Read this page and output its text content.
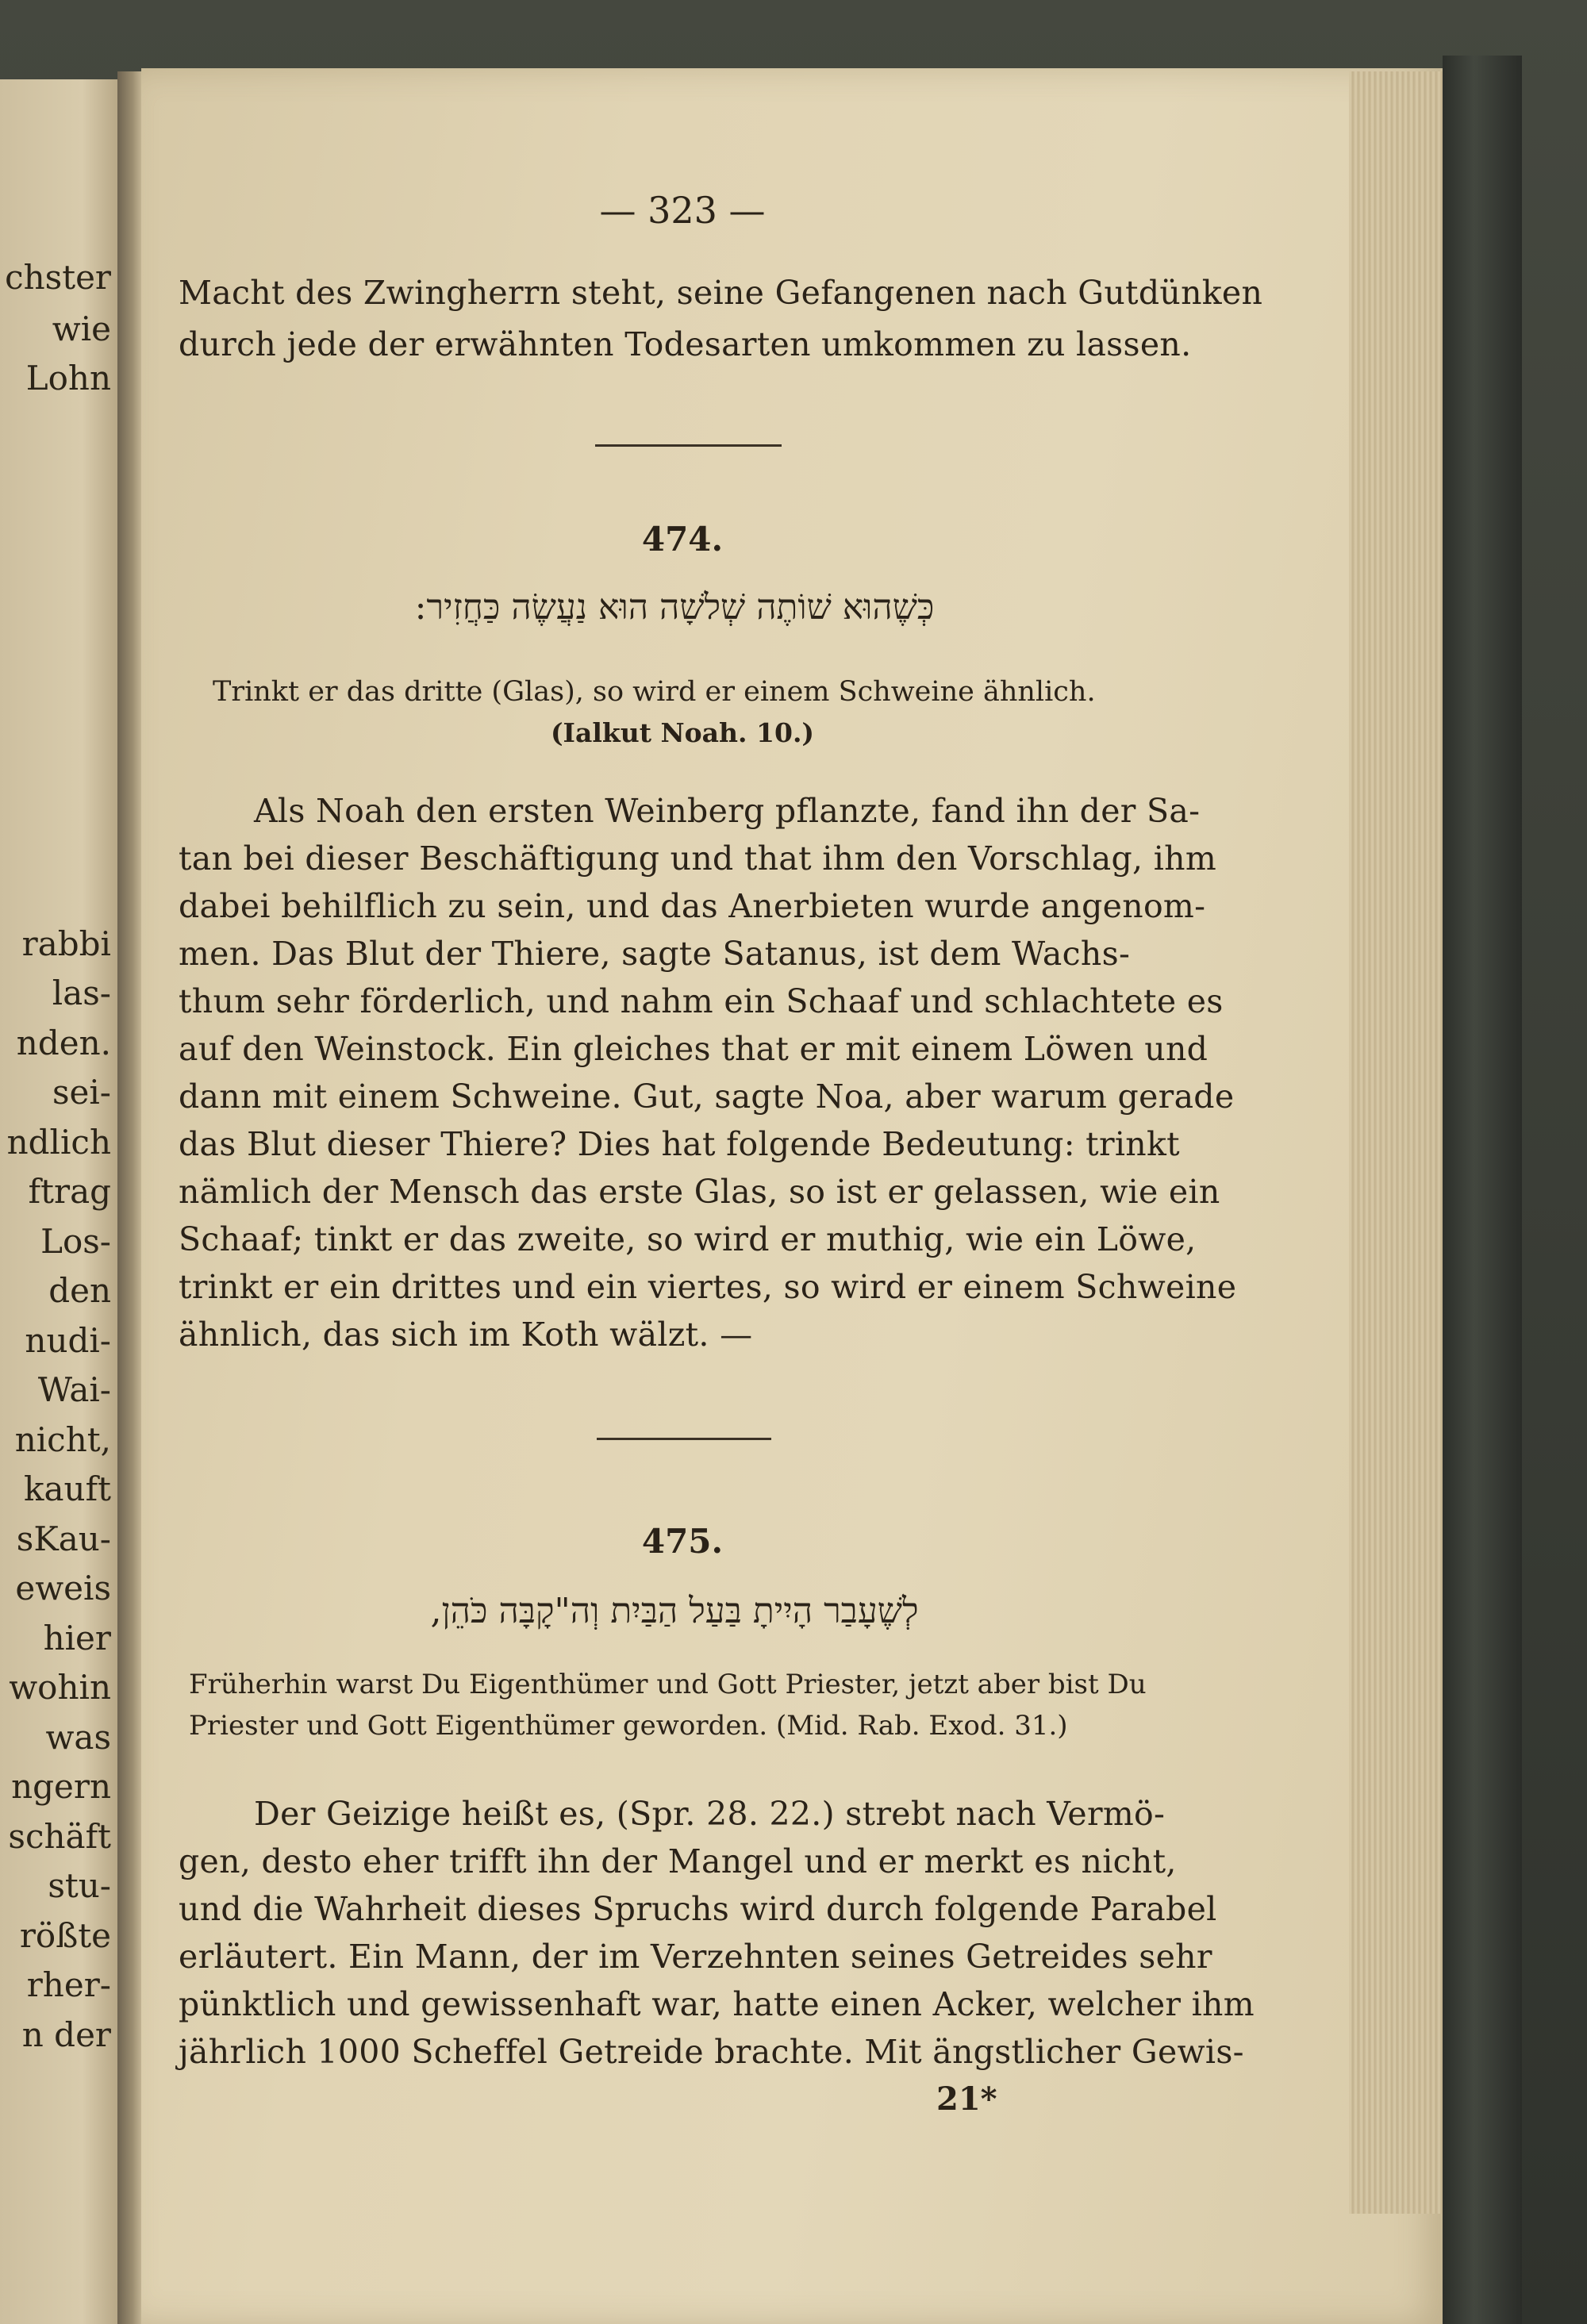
chster
wie
Lohn
rabbi
las-
nden.
sei-
ndlich
ftrag
Los-
den
nudi-
Wai-
nicht,
kauft
sKau-
eweis
hier
wohin
was
ngern
schäft
stu-
rößte
rher-
n der
— 323 —
Macht des Zwingherrn steht, seine Gefangenen nach Gutdünken
durch jede der erwähnten Todesarten umkommen zu lassen.
474.
כְּשֶׁהוּא שׁוֹתֶה שְׁלשָׁה הוּא נַעֲשֶׂה כַּחֲזִיר:
Trinkt er das dritte (Glas), so wird er einem Schweine ähnlich.
(Ialkut Noah. 10.)
Als Noah den ersten Weinberg pflanzte, fand ihn der Sa-
tan bei dieser Beschäftigung und that ihm den Vorschlag, ihm
dabei behilflich zu sein, und das Anerbieten wurde angenom-
men. Das Blut der Thiere, sagte Satanus, ist dem Wachs-
thum sehr förderlich, und nahm ein Schaaf und schlachtete es
auf den Weinstock. Ein gleiches that er mit einem Löwen und
dann mit einem Schweine. Gut, sagte Noa, aber warum gerade
das Blut dieser Thiere? Dies hat folgende Bedeutung: trinkt
nämlich der Mensch das erste Glas, so ist er gelassen, wie ein
Schaaf; tinkt er das zweite, so wird er muthig, wie ein Löwe,
trinkt er ein drittes und ein viertes, so wird er einem Schweine
ähnlich, das sich im Koth wälzt. —
475.
לְשֶׁעָבַר הָיִיתָ בַּעַל הַבַּיִת וְה"קָבָּה כֹּהֵן,
Früherhin warst Du Eigenthümer und Gott Priester, jetzt aber bist Du
Priester und Gott Eigenthümer geworden. (Mid. Rab. Exod. 31.)
Der Geizige heißt es, (Spr. 28. 22.) strebt nach Vermö-
gen, desto eher trifft ihn der Mangel und er merkt es nicht,
und die Wahrheit dieses Spruchs wird durch folgende Parabel
erläutert. Ein Mann, der im Verzehnten seines Getreides sehr
pünktlich und gewissenhaft war, hatte einen Acker, welcher ihm
jährlich 1000 Scheffel Getreide brachte. Mit ängstlicher Gewis-
21*
